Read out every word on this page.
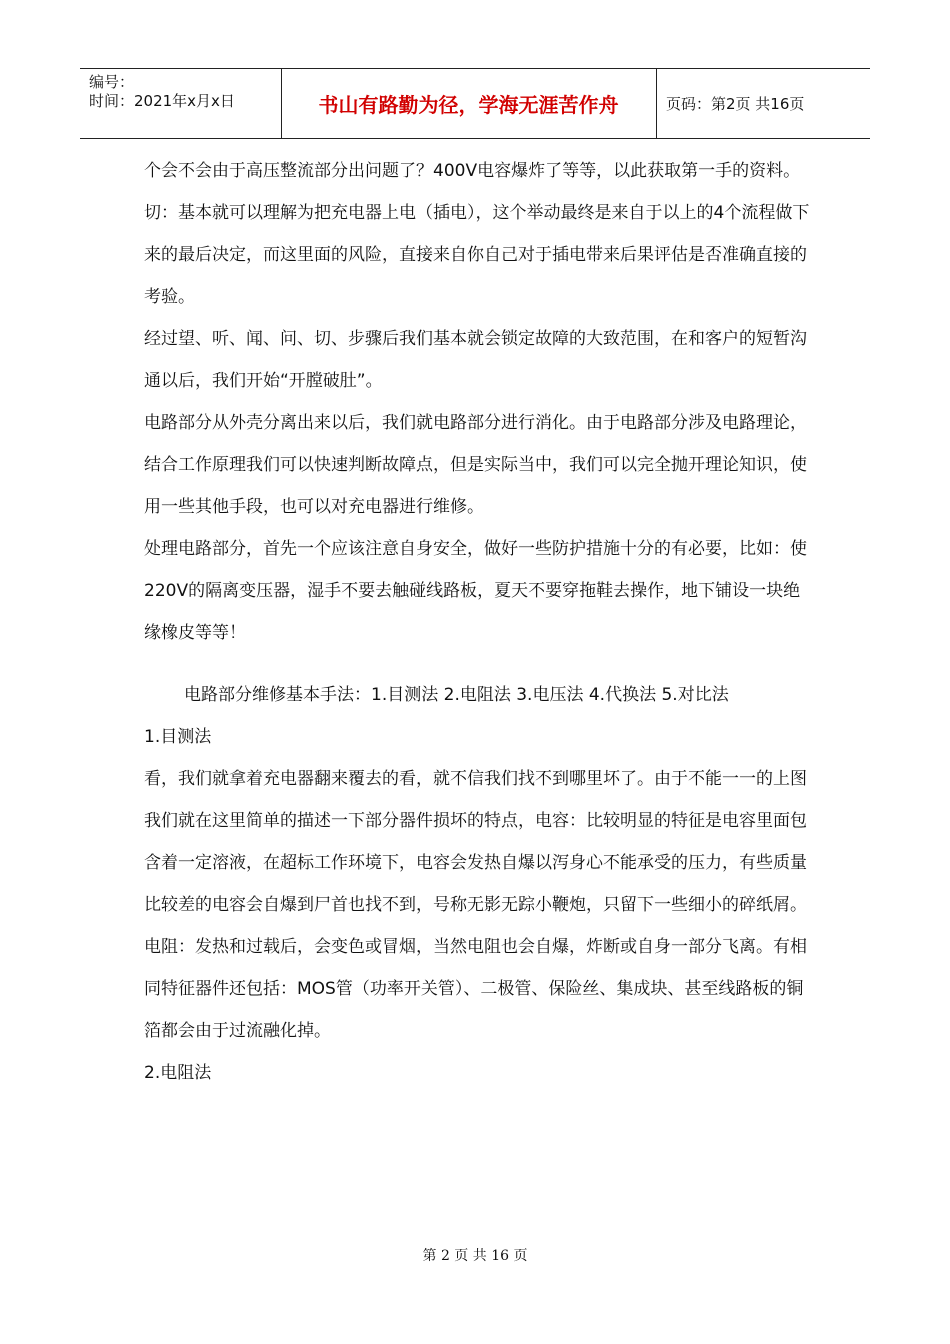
编号：
时间：2021年x月x日	书山有路勤为径，学海无涯苦作舟	页码：第2页 共16页

个会不会由于高压整流部分出问题了？400V电容爆炸了等等，以此获取第一手的资料。

切：基本就可以理解为把充电器上电（插电），这个举动最终是来自于以上的4个流程做下来的最后决定，而这里面的风险，直接来自你自己对于插电带来后果评估是否准确直接的考验。

经过望、听、闻、问、切、步骤后我们基本就会锁定故障的大致范围，在和客户的短暂沟通以后，我们开始“开膛破肚”。

电路部分从外壳分离出来以后，我们就电路部分进行消化。由于电路部分涉及电路理论，结合工作原理我们可以快速判断故障点，但是实际当中，我们可以完全抛开理论知识，使用一些其他手段，也可以对充电器进行维修。

处理电路部分，首先一个应该注意自身安全，做好一些防护措施十分的有必要，比如：使220V的隔离变压器，湿手不要去触碰线路板，夏天不要穿拖鞋去操作，地下铺设一块绝缘橡皮等等！

电路部分维修基本手法：1.目测法 2.电阻法 3.电压法 4.代换法 5.对比法

1.目测法

看，我们就拿着充电器翻来覆去的看，就不信我们找不到哪里坏了。由于不能一一的上图我们就在这里简单的描述一下部分器件损坏的特点，电容：比较明显的特征是电容里面包含着一定溶液，在超标工作环境下，电容会发热自爆以泻身心不能承受的压力，有些质量比较差的电容会自爆到尸首也找不到，号称无影无踪小鞭炮，只留下一些细小的碎纸屑。电阻：发热和过载后，会变色或冒烟，当然电阻也会自爆，炸断或自身一部分飞离。有相同特征器件还包括：MOS管（功率开关管）、二极管、保险丝、集成块、甚至线路板的铜箔都会由于过流融化掉。

2.电阻法

第 2 页 共 16 页
